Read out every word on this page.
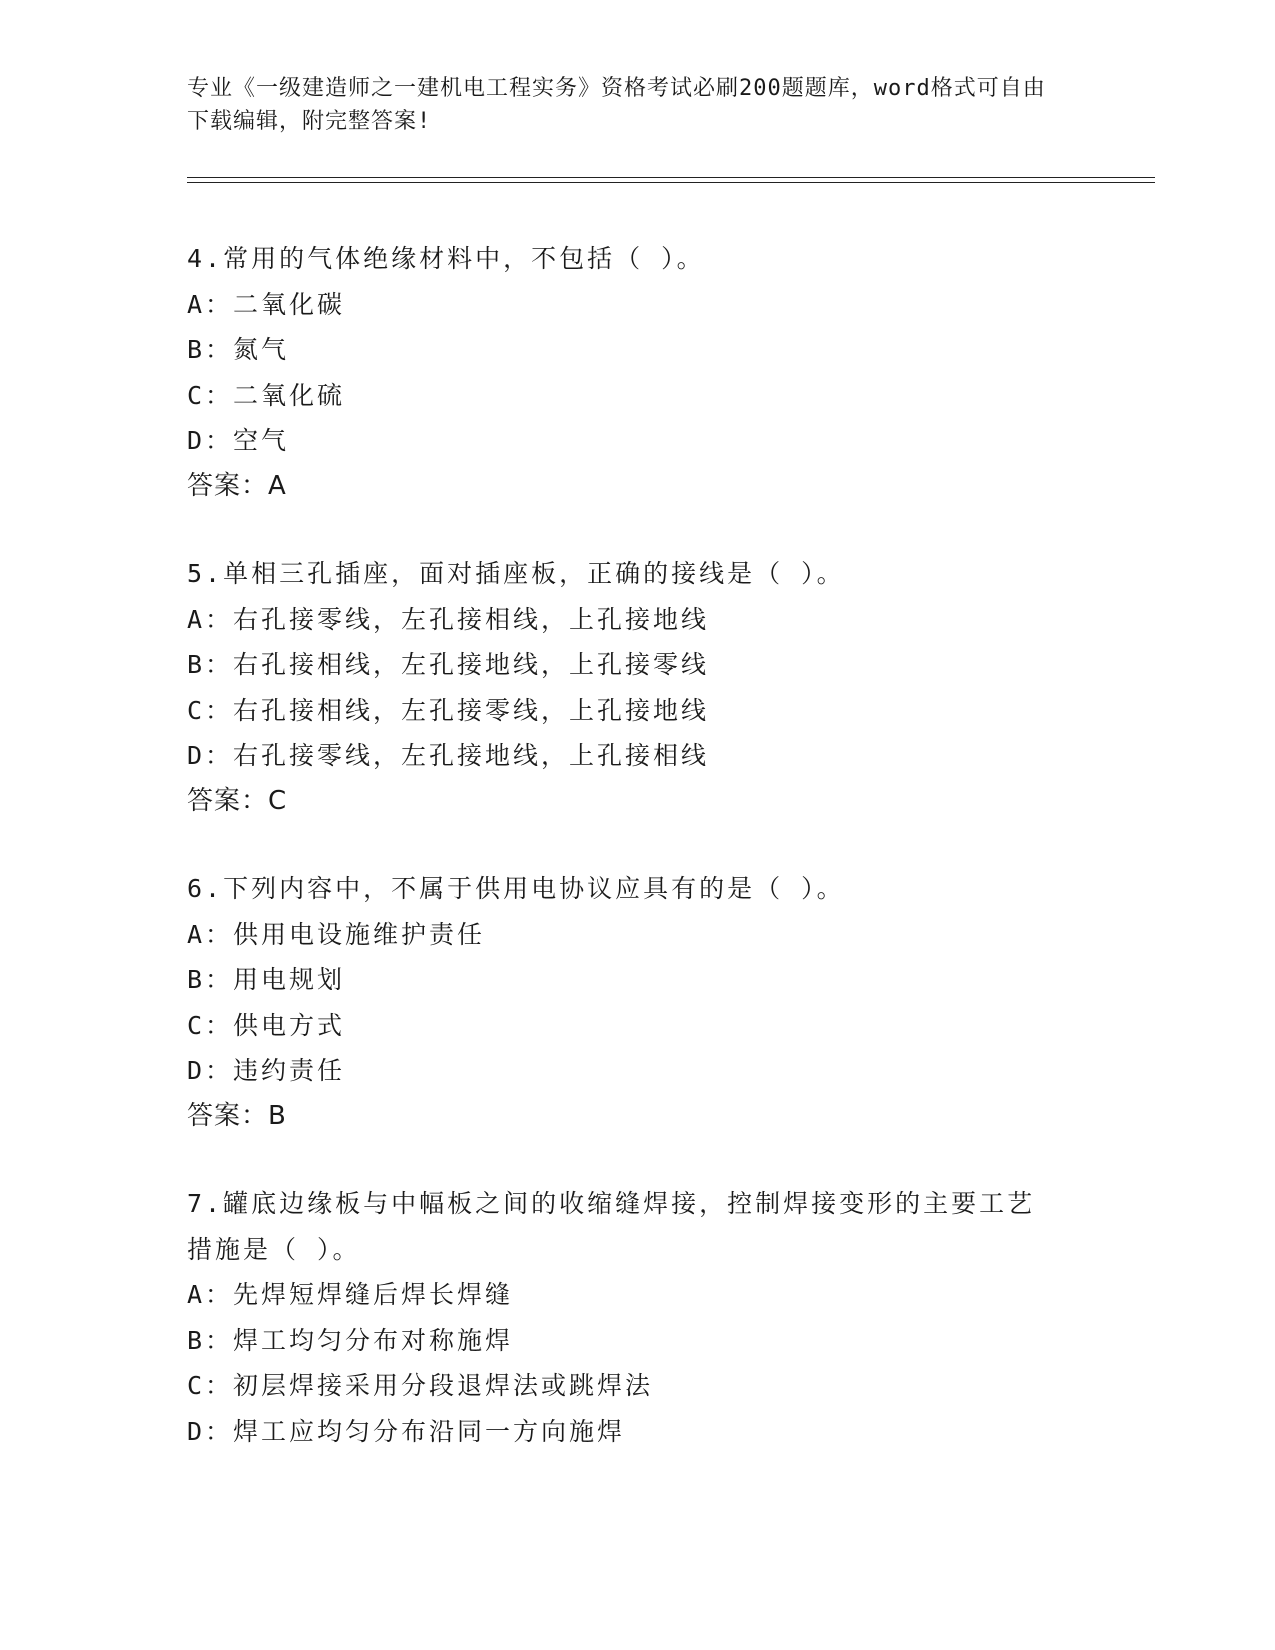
专业《一级建造师之一建机电工程实务》资格考试必刷200题题库，word格式可自由下载编辑，附完整答案!
4.常用的气体绝缘材料中，不包括（ ）。
A：二氧化碳
B：氮气
C：二氧化硫
D：空气
答案：A
5.单相三孔插座，面对插座板，正确的接线是（ ）。
A：右孔接零线，左孔接相线，上孔接地线
B：右孔接相线，左孔接地线，上孔接零线
C：右孔接相线，左孔接零线，上孔接地线
D：右孔接零线，左孔接地线，上孔接相线
答案：C
6.下列内容中，不属于供用电协议应具有的是（ ）。
A：供用电设施维护责任
B：用电规划
C：供电方式
D：违约责任
答案：B
7.罐底边缘板与中幅板之间的收缩缝焊接，控制焊接变形的主要工艺措施是（ ）。
A：先焊短焊缝后焊长焊缝
B：焊工均匀分布对称施焊
C：初层焊接采用分段退焊法或跳焊法
D：焊工应均匀分布沿同一方向施焊
